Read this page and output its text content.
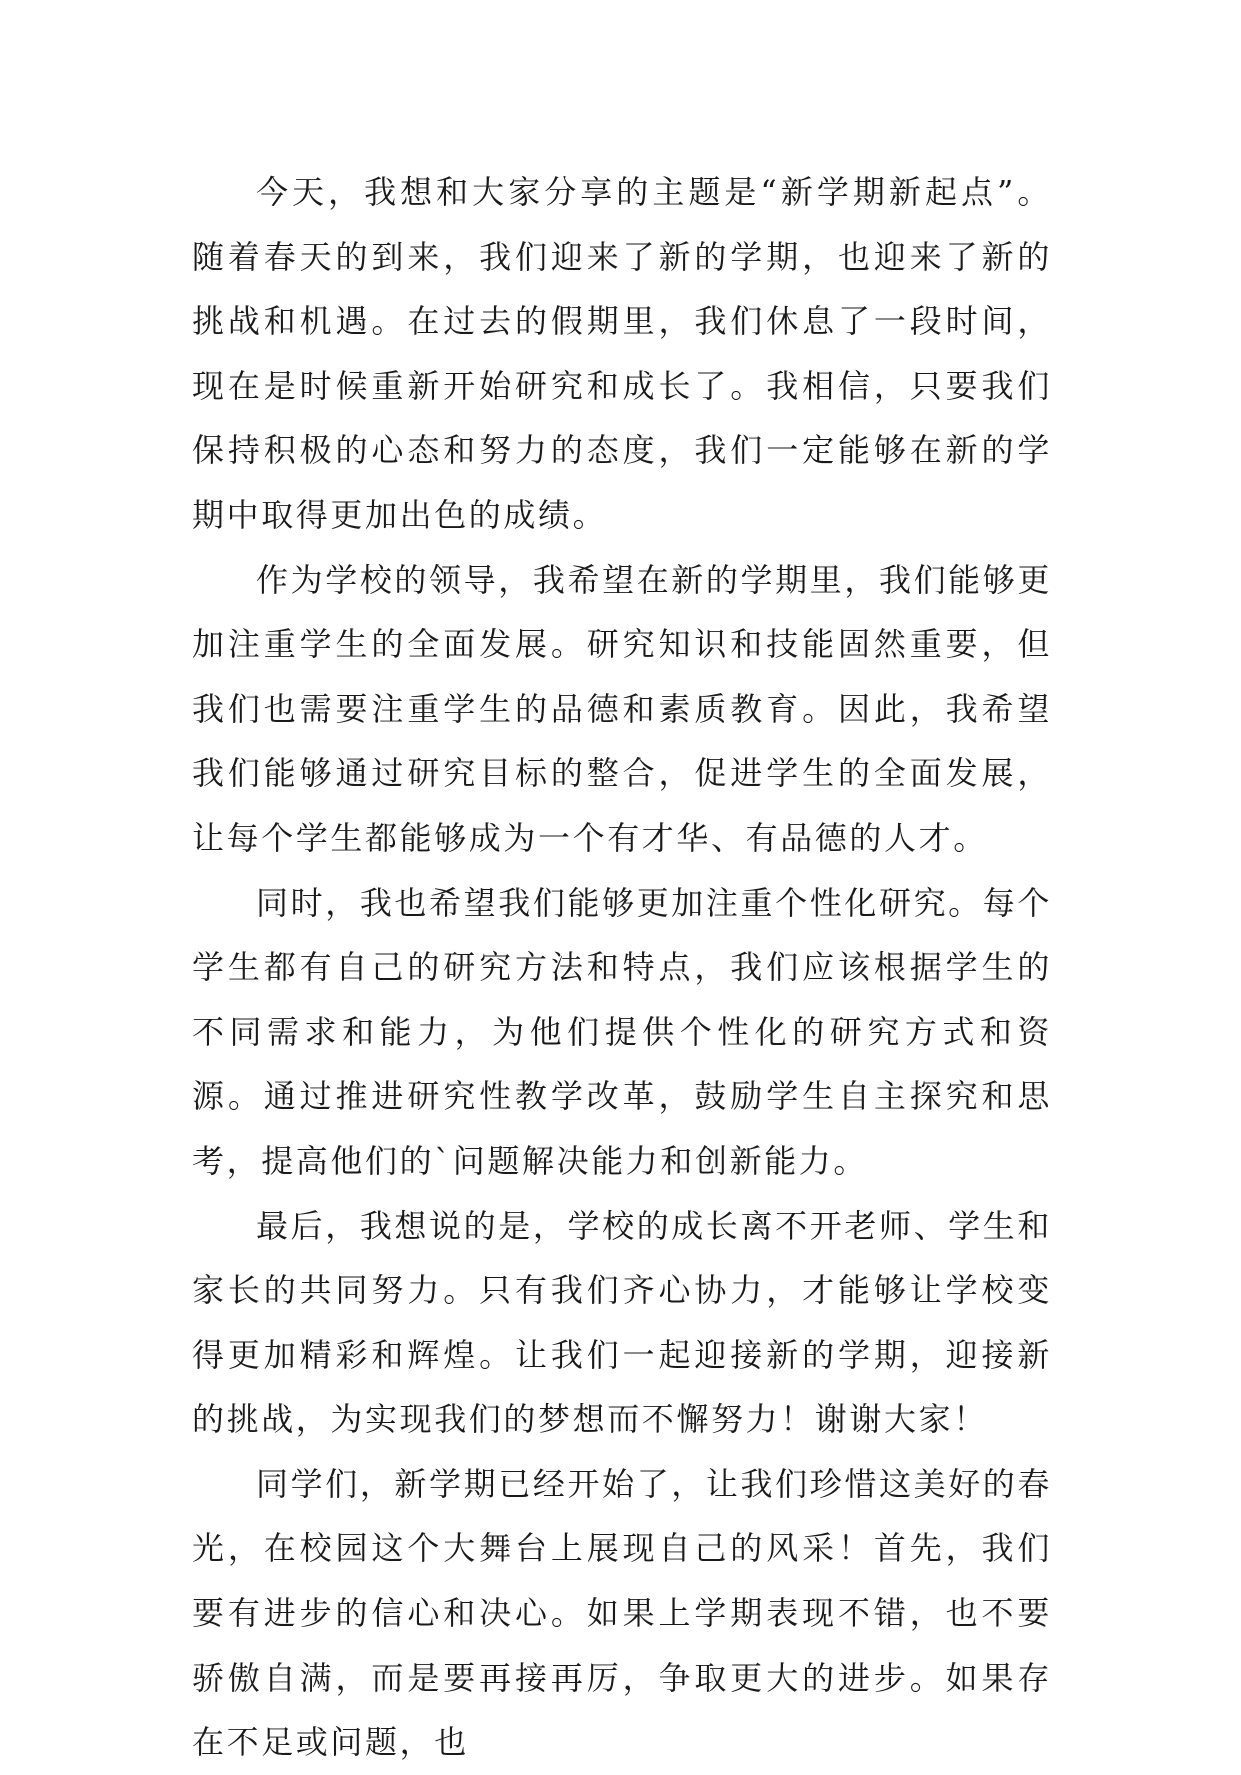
今天，我想和大家分享的主题是“新学期新起点”。随着春天的到来，我们迎来了新的学期，也迎来了新的挑战和机遇。在过去的假期里，我们休息了一段时间，现在是时候重新开始研究和成长了。我相信，只要我们保持积极的心态和努力的态度，我们一定能够在新的学期中取得更加出色的成绩。

作为学校的领导，我希望在新的学期里，我们能够更加注重学生的全面发展。研究知识和技能固然重要，但我们也需要注重学生的品德和素质教育。因此，我希望我们能够通过研究目标的整合，促进学生的全面发展，让每个学生都能够成为一个有才华、有品德的人才。

同时，我也希望我们能够更加注重个性化研究。每个学生都有自己的研究方法和特点，我们应该根据学生的不同需求和能力，为他们提供个性化的研究方式和资源。通过推进研究性教学改革，鼓励学生自主探究和思考，提高他们的`问题解决能力和创新能力。

最后，我想说的是，学校的成长离不开老师、学生和家长的共同努力。只有我们齐心协力，才能够让学校变得更加精彩和辉煌。让我们一起迎接新的学期，迎接新的挑战，为实现我们的梦想而不懈努力！谢谢大家！

同学们，新学期已经开始了，让我们珍惜这美好的春光，在校园这个大舞台上展现自己的风采！首先，我们要有进步的信心和决心。如果上学期表现不错，也不要骄傲自满，而是要再接再厉，争取更大的进步。如果存在不足或问题，也
